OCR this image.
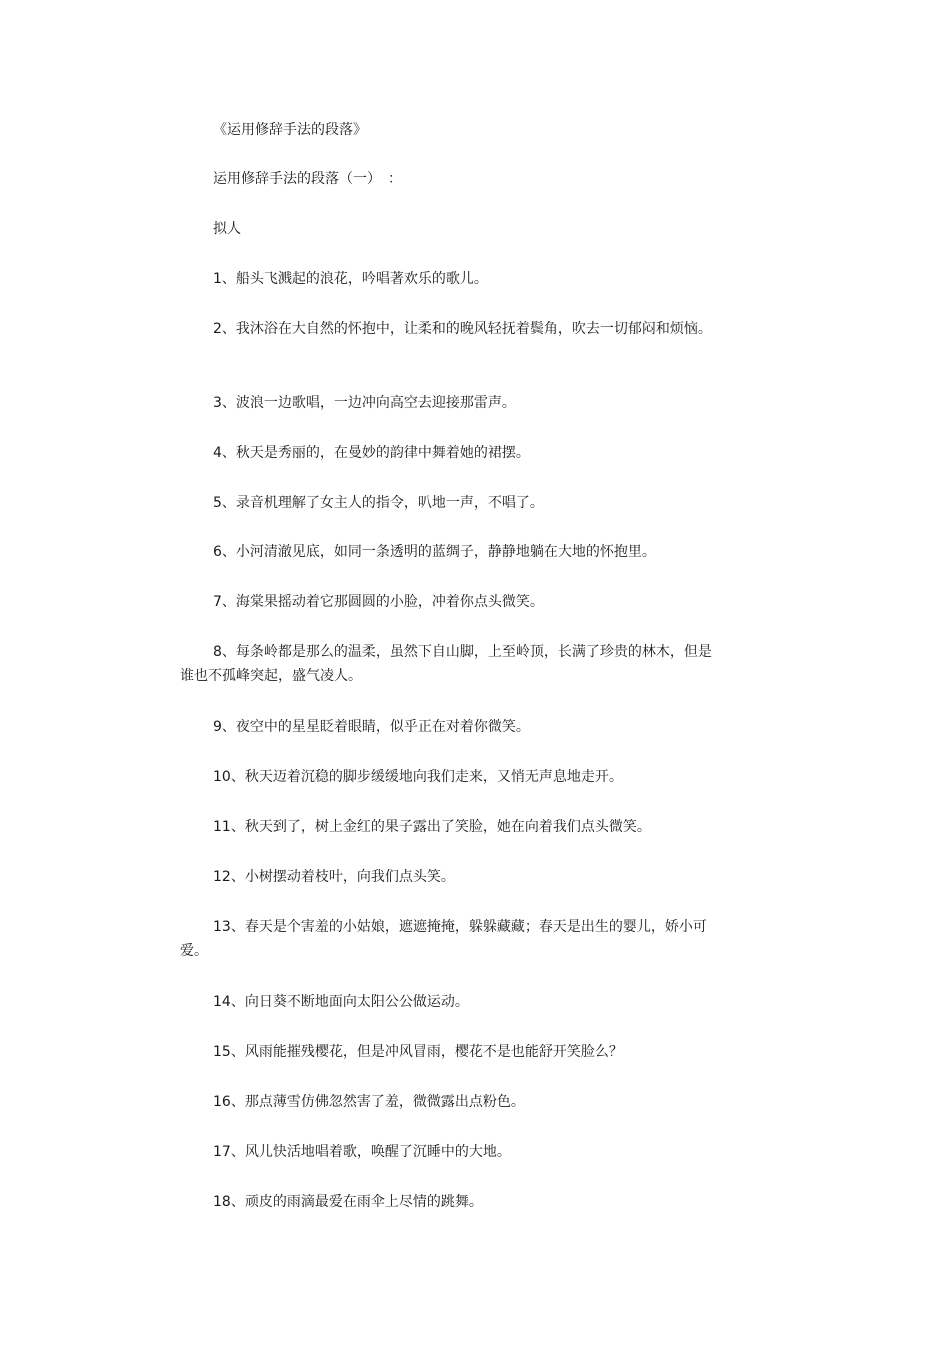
《运用修辞手法的段落》
运用修辞手法的段落（一）　：
拟人
1、船头飞溅起的浪花，吟唱著欢乐的歌儿。
2、我沐浴在大自然的怀抱中，让柔和的晚风轻抚着鬓角，吹去一切郁闷和烦恼。
3、波浪一边歌唱，一边冲向高空去迎接那雷声。
4、秋天是秀丽的，在曼妙的韵律中舞着她的裙摆。
5、录音机理解了女主人的指令，叭地一声，不唱了。
6、小河清澈见底，如同一条透明的蓝绸子，静静地躺在大地的怀抱里。
7、海棠果摇动着它那圆圆的小脸，冲着你点头微笑。
8、每条岭都是那么的温柔，虽然下自山脚，上至岭顶，长满了珍贵的林木，但是谁也不孤峰突起，盛气凌人。
9、夜空中的星星眨着眼睛，似乎正在对着你微笑。
10、秋天迈着沉稳的脚步缓缓地向我们走来，又悄无声息地走开。
11、秋天到了，树上金红的果子露出了笑脸，她在向着我们点头微笑。
12、小树摆动着枝叶，向我们点头笑。
13、春天是个害羞的小姑娘，遮遮掩掩，躲躲藏藏；春天是出生的婴儿，娇小可爱。
14、向日葵不断地面向太阳公公做运动。
15、风雨能摧残樱花，但是冲风冒雨，樱花不是也能舒开笑脸么？
16、那点薄雪仿佛忽然害了羞，微微露出点粉色。
17、风儿快活地唱着歌，唤醒了沉睡中的大地。
18、顽皮的雨滴最爱在雨伞上尽情的跳舞。
